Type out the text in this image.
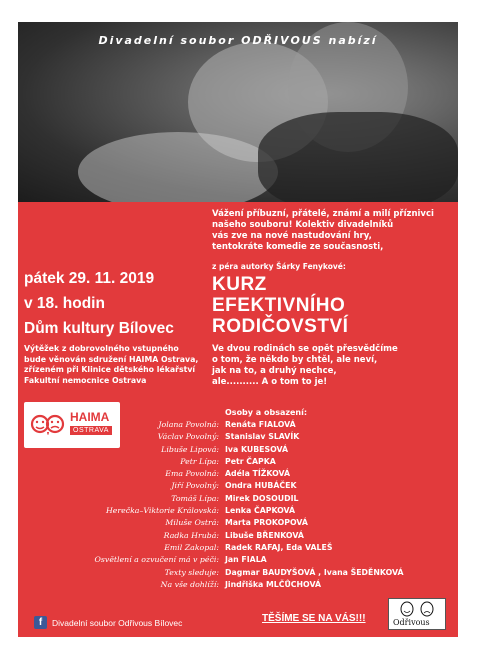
Divadelní soubor ODŘIVOUS nabízí
Vážení příbuzní, přátelé, známí a milí příznivci
našeho souboru! Kolektiv divadelníků
vás zve na nové nastudování hry,
tentokráte komedie ze současnosti,
z péra autorky Šárky Fenykové:
pátek 29. 11. 2019
v 18. hodin
Dům kultury Bílovec
KURZ
EFEKTIVNÍHO
RODIČOVSTVÍ
Ve dvou rodinách se opět přesvědčíme
o tom, že někdo by chtěl, ale neví,
jak na to, a druhý nechce,
ale.......... A o tom to je!
Výtěžek z dobrovolného vstupného
bude věnován sdružení HAIMA Ostrava,
zřízeném při Klinice dětského lékařství
Fakultní nemocnice Ostrava
HAIMA
OSTRAVA
Osoby a obsazení:
Jolana Povolná: Renáta FIALOVÁ
Václav Povolný: Stanislav SLAVÍK
Libuše Lipová: Iva KUBESOVÁ
Petr Lípa: Petr ČAPKA
Ema Povolná: Adéla TÍŽKOVÁ
Jiří Povolný: Ondra HUBÁČEK
Tomáš Lípa: Mirek DOSOUDIL
Herečka–Viktorie Královská: Lenka ČAPKOVÁ
Miluše Ostrá: Marta PROKOPOVÁ
Radka Hrubá: Libuše BŘENKOVÁ
Emil Zakopal: Radek RAFAJ, Eda VALEŠ
Osvětlení a ozvučení má v péči: Jan FIALA
Texty sleduje: Dagmar BAUDYŠOVÁ , Ivana ŠEDĚNKOVÁ
Na vše dohlíží: Jindřiška MLČŮCHOVÁ
f	Divadelní soubor Odřivous Bílovec	TĚŠÍME SE NA VÁS!!!	Odřivous
